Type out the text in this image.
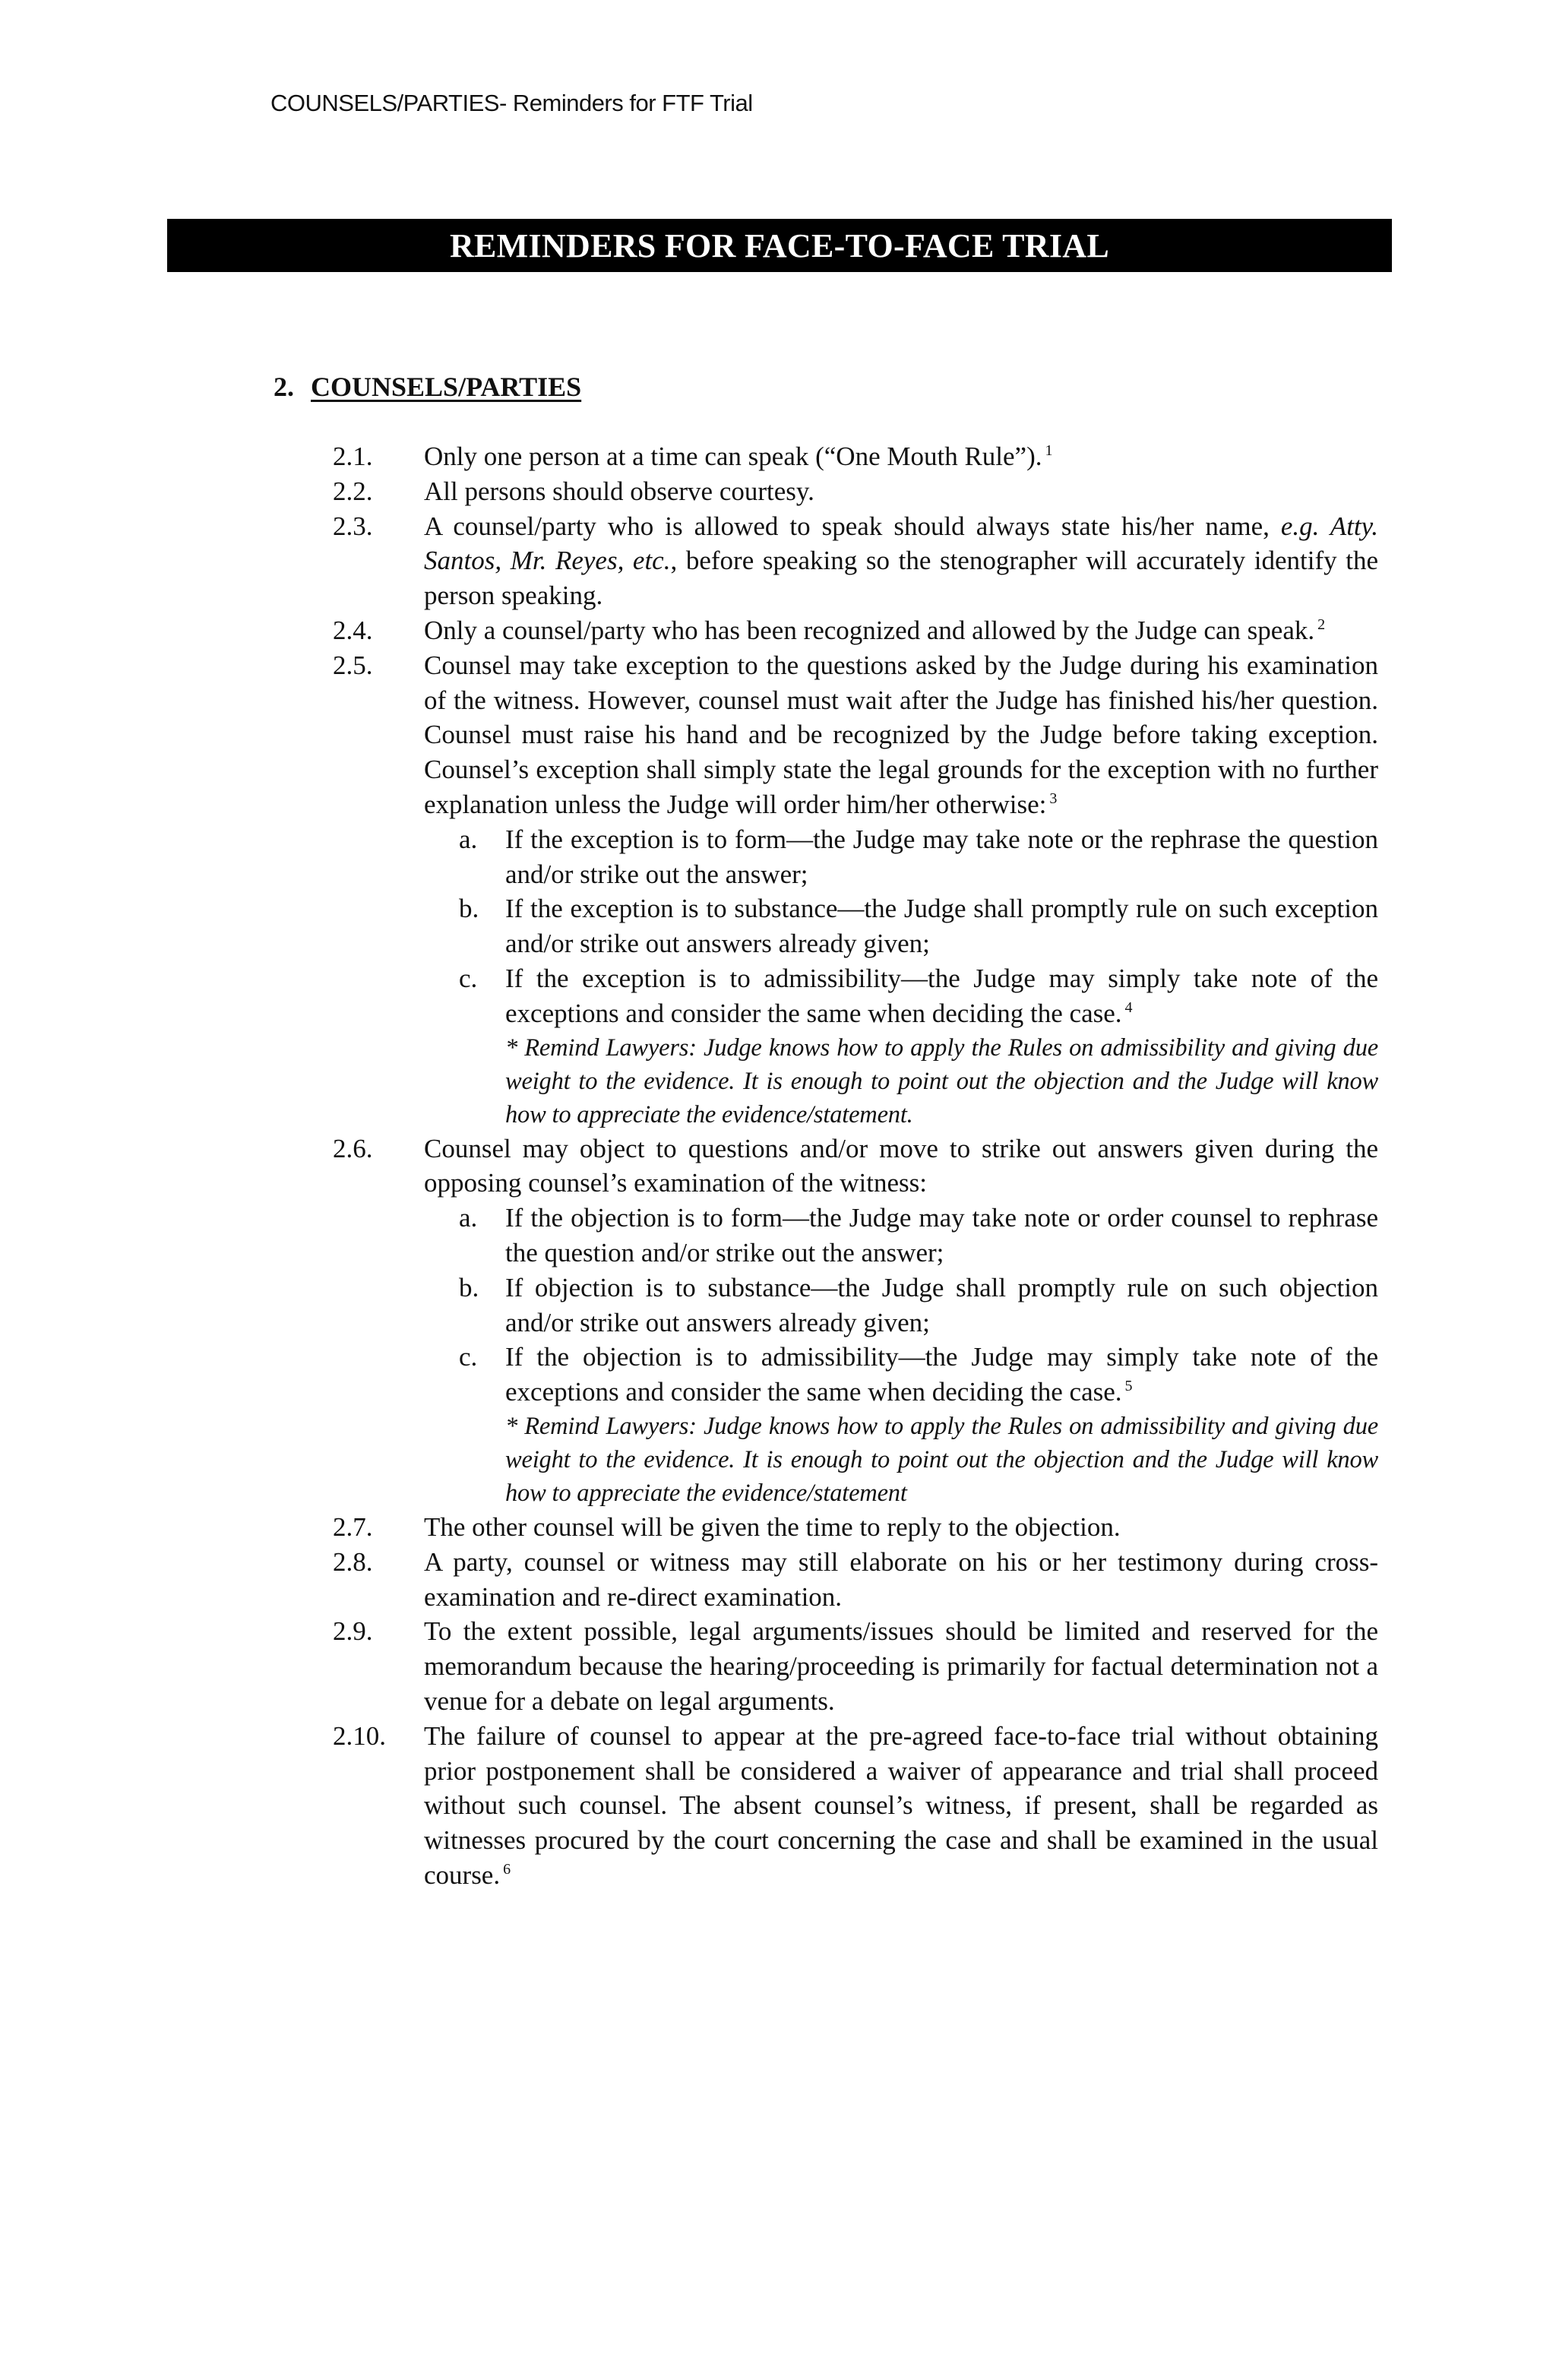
COUNSELS/PARTIES- Reminders for FTF Trial
REMINDERS FOR FACE-TO-FACE TRIAL
2. COUNSELS/PARTIES
2.1. Only one person at a time can speak (“One Mouth Rule”). $^1$
2.2. All persons should observe courtesy.
2.3. A counsel/party who is allowed to speak should always state his/her name, e.g. Atty. Santos, Mr. Reyes, etc., before speaking so the stenographer will accurately identify the person speaking.
2.4. Only a counsel/party who has been recognized and allowed by the Judge can speak. $^2$
2.5. Counsel may take exception to the questions asked by the Judge during his examination of the witness. However, counsel must wait after the Judge has finished his/her question. Counsel must raise his hand and be recognized by the Judge before taking exception. Counsel’s exception shall simply state the legal grounds for the exception with no further explanation unless the Judge will order him/her otherwise: $^3$
a. If the exception is to form—the Judge may take note or the rephrase the question and/or strike out the answer;
b. If the exception is to substance—the Judge shall promptly rule on such exception and/or strike out answers already given;
c. If the exception is to admissibility—the Judge may simply take note of the exceptions and consider the same when deciding the case. $^4$
* Remind Lawyers: Judge knows how to apply the Rules on admissibility and giving due weight to the evidence. It is enough to point out the objection and the Judge will know how to appreciate the evidence/statement.
2.6. Counsel may object to questions and/or move to strike out answers given during the opposing counsel’s examination of the witness:
a. If the objection is to form—the Judge may take note or order counsel to rephrase the question and/or strike out the answer;
b. If objection is to substance—the Judge shall promptly rule on such objection and/or strike out answers already given;
c. If the objection is to admissibility—the Judge may simply take note of the exceptions and consider the same when deciding the case. $^5$
* Remind Lawyers: Judge knows how to apply the Rules on admissibility and giving due weight to the evidence. It is enough to point out the objection and the Judge will know how to appreciate the evidence/statement
2.7. The other counsel will be given the time to reply to the objection.
2.8. A party, counsel or witness may still elaborate on his or her testimony during cross-examination and re-direct examination.
2.9. To the extent possible, legal arguments/issues should be limited and reserved for the memorandum because the hearing/proceeding is primarily for factual determination not a venue for a debate on legal arguments.
2.10. The failure of counsel to appear at the pre-agreed face-to-face trial without obtaining prior postponement shall be considered a waiver of appearance and trial shall proceed without such counsel. The absent counsel’s witness, if present, shall be regarded as witnesses procured by the court concerning the case and shall be examined in the usual course. $^6$
